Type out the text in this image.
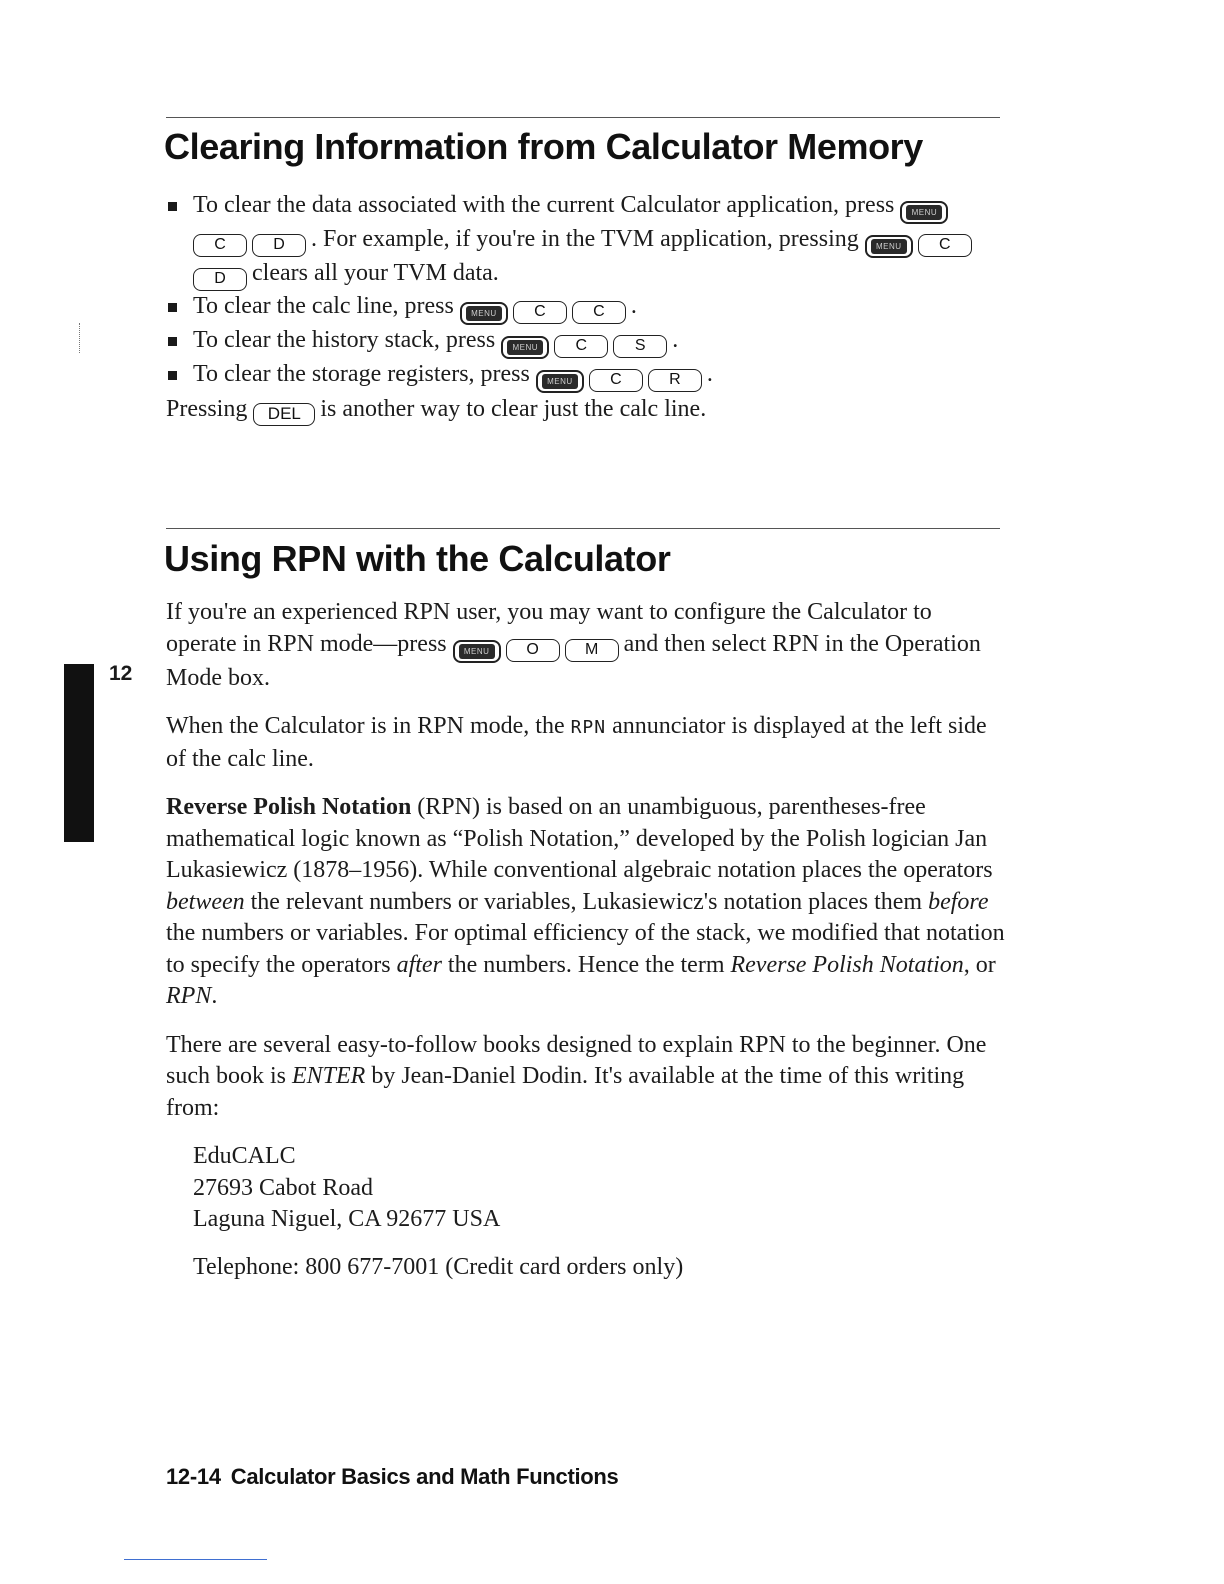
Clearing Information from Calculator Memory
To clear the data associated with the current Calculator application, press	MENU
C	D . For example, if you're in the TVM application, pressing	MENU	CD clears all your TVM data.
To clear the calc line, press	MENU	C	C .
To clear the history stack, press	MENU	C	S .
To clear the storage registers, press	MENU	C	R .

Pressing DEL is another way to clear just the calc line.

Using RPN with the Calculator
12

If you're an experienced RPN user, you may want to configure the Calculator to operate in RPN mode—press	MENU	O	M and then select RPN in the Operation Mode box.

When the Calculator is in RPN mode, the RPN annunciator is displayed at the left side of the calc line.

Reverse Polish Notation (RPN) is based on an unambiguous, parentheses-free mathematical logic known as “Polish Notation,” developed by the Polish logician Jan Lukasiewicz (1878–1956). While conventional algebraic notation places the operators between the relevant numbers or variables, Lukasiewicz's notation places them before the numbers or variables. For optimal efficiency of the stack, we modified that notation to specify the operators after the numbers. Hence the term Reverse Polish Notation, or RPN.

There are several easy-to-follow books designed to explain RPN to the beginner. One such book is ENTER by Jean-Daniel Dodin. It's available at the time of this writing from:

EduCALC
27693 Cabot Road
Laguna Niguel, CA 92677 USA
Telephone: 800 677-7001 (Credit card orders only)
12-14 Calculator Basics and Math Functions
